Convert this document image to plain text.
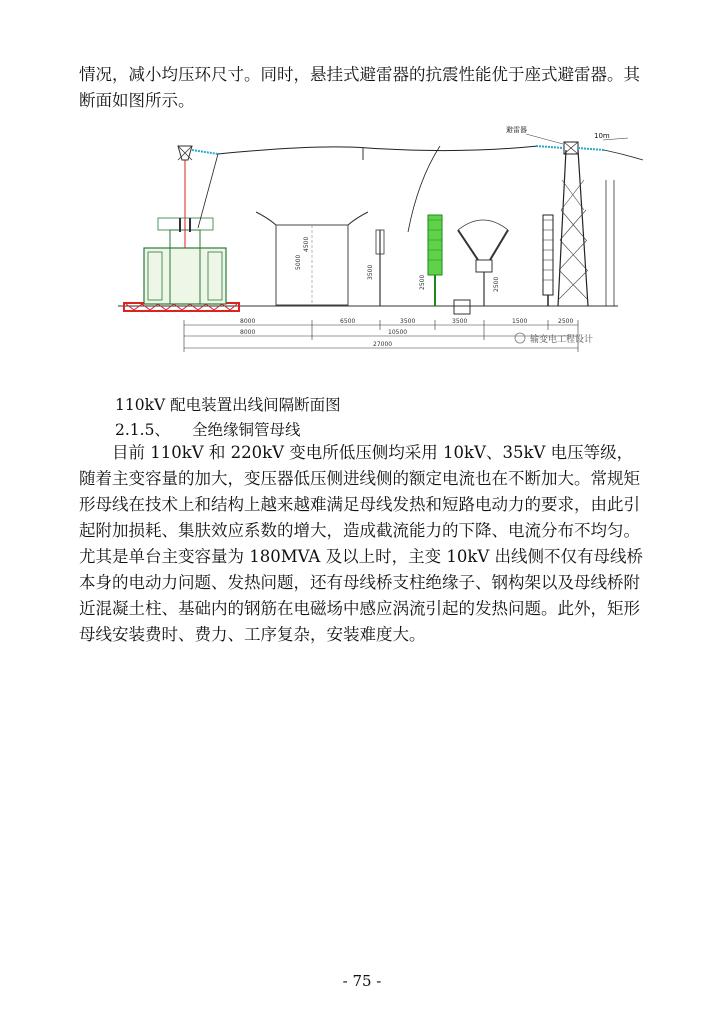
情况，减小均压环尺寸。同时，悬挂式避雷器的抗震性能优于座式避雷器。其断面如图所示。

避雷器
10m
4500
5000
3500
2500	2500
8000	6500	3500	3500	1500	2500
8000	10500
27000	输变电工程设计
110kV 配电装置出线间隔断面图
2.1.5、 全绝缘铜管母线

目前 110kV 和 220kV 变电所低压侧均采用 10kV、35kV 电压等级，随着主变容量的加大，变压器低压侧进线侧的额定电流也在不断加大。常规矩形母线在技术上和结构上越来越难满足母线发热和短路电动力的要求，由此引起附加损耗、集肤效应系数的增大，造成截流能力的下降、电流分布不均匀。尤其是单台主变容量为 180MVA 及以上时，主变 10kV 出线侧不仅有母线桥本身的电动力问题、发热问题，还有母线桥支柱绝缘子、钢构架以及母线桥附近混凝土柱、基础内的钢筋在电磁场中感应涡流引起的发热问题。此外，矩形母线安装费时、费力、工序复杂，安装难度大。

- 75 -
